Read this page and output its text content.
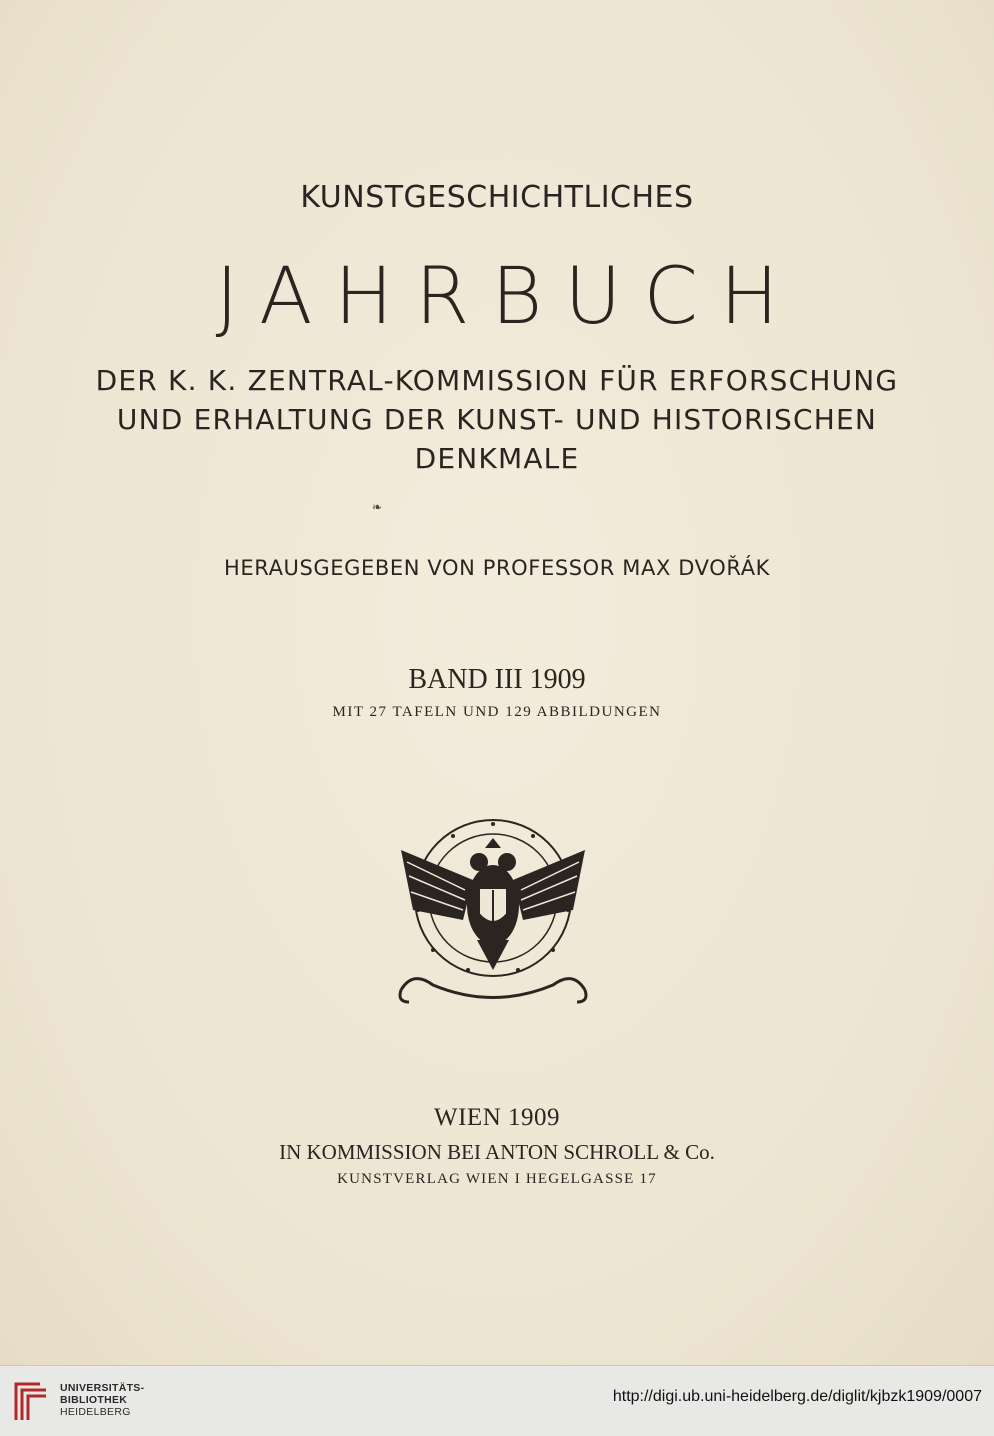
KUNSTGESCHICHTLICHES
JAHRBUCH
DER K. K. ZENTRAL-KOMMISSION FÜR ERFORSCHUNG
UND ERHALTUNG DER KUNST- UND HISTORISCHEN
DENKMALE
❧
HERAUSGEGEBEN VON PROFESSOR MAX DVOŘÁK
BAND III 1909
MIT 27 TAFELN UND 129 ABBILDUNGEN
WIEN 1909
IN KOMMISSION BEI ANTON SCHROLL & Co.
KUNSTVERLAG WIEN I HEGELGASSE 17
UNIVERSITÄTS-
BIBLIOTHEK
HEIDELBERG
http://digi.ub.uni-heidelberg.de/diglit/kjbzk1909/0007
